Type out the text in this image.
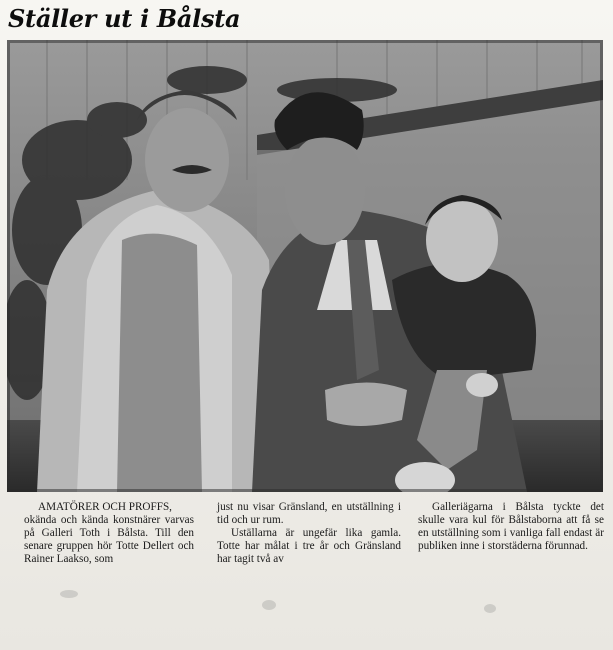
Ställer ut i Bålsta

AMATÖRER OCH PROFFS,

okända och kända konstnärer varvas på Galleri Toth i Bålsta. Till den senare gruppen hör Totte Dellert och Rainer Laakso, som

just nu visar Gränsland, en utställning i tid och ur rum.

Uställarna är ungefär lika gamla. Totte har målat i tre år och Gränsland har tagit två av

Galleriägarna i Bålsta tyckte det skulle vara kul för Bålstaborna att få se en utställning som i vanliga fall endast är publiken inne i storstäderna förunnad.
